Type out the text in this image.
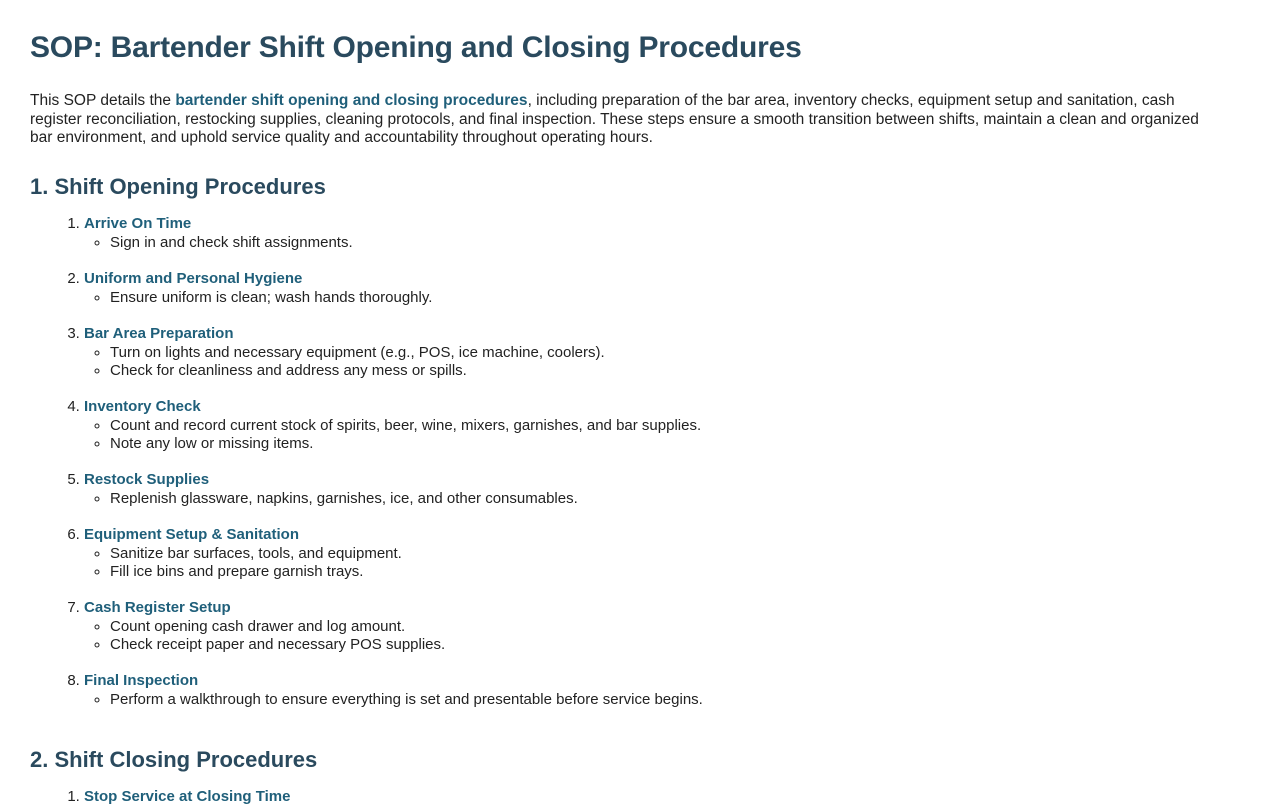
SOP: Bartender Shift Opening and Closing Procedures

This SOP details the bartender shift opening and closing procedures, including preparation of the bar area, inventory checks, equipment setup and sanitation, cash register reconciliation, restocking supplies, cleaning protocols, and final inspection. These steps ensure a smooth transition between shifts, maintain a clean and organized bar environment, and uphold service quality and accountability throughout operating hours.

1. Shift Opening Procedures
1. Arrive On Time
◦ Sign in and check shift assignments.
2. Uniform and Personal Hygiene
◦ Ensure uniform is clean; wash hands thoroughly.
3. Bar Area Preparation
◦ Turn on lights and necessary equipment (e.g., POS, ice machine, coolers).
◦ Check for cleanliness and address any mess or spills.
4. Inventory Check
◦ Count and record current stock of spirits, beer, wine, mixers, garnishes, and bar supplies.
◦ Note any low or missing items.
5. Restock Supplies
◦ Replenish glassware, napkins, garnishes, ice, and other consumables.
6. Equipment Setup & Sanitation
◦ Sanitize bar surfaces, tools, and equipment.
◦ Fill ice bins and prepare garnish trays.
7. Cash Register Setup
◦ Count opening cash drawer and log amount.
◦ Check receipt paper and necessary POS supplies.
8. Final Inspection
◦ Perform a walkthrough to ensure everything is set and presentable before service begins.
2. Shift Closing Procedures
1. Stop Service at Closing Time
